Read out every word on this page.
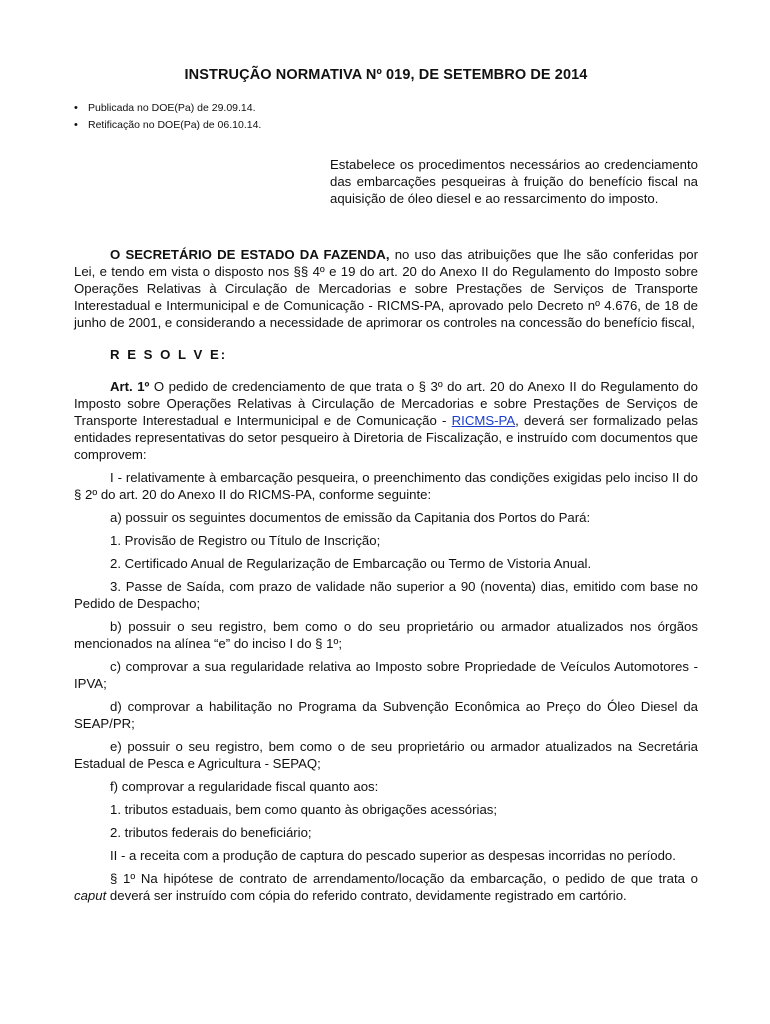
INSTRUÇÃO NORMATIVA Nº 019, DE SETEMBRO DE 2014
• Publicada no DOE(Pa) de 29.09.14.
• Retificação no DOE(Pa) de 06.10.14.
Estabelece os procedimentos necessários ao credenciamento das embarcações pesqueiras à fruição do benefício fiscal na aquisição de óleo diesel e ao ressarcimento do imposto.

O SECRETÁRIO DE ESTADO DA FAZENDA, no uso das atribuições que lhe são conferidas por Lei, e tendo em vista o disposto nos §§ 4º e 19 do art. 20 do Anexo II do Regulamento do Imposto sobre Operações Relativas à Circulação de Mercadorias e sobre Prestações de Serviços de Transporte Interestadual e Intermunicipal e de Comunicação - RICMS-PA, aprovado pelo Decreto nº 4.676, de 18 de junho de 2001, e considerando a necessidade de aprimorar os controles na concessão do benefício fiscal,

R E S O L V E:

Art. 1º O pedido de credenciamento de que trata o § 3º do art. 20 do Anexo II do Regulamento do Imposto sobre Operações Relativas à Circulação de Mercadorias e sobre Prestações de Serviços de Transporte Interestadual e Intermunicipal e de Comunicação - RICMS-PA, deverá ser formalizado pelas entidades representativas do setor pesqueiro à Diretoria de Fiscalização, e instruído com documentos que comprovem:

I - relativamente à embarcação pesqueira, o preenchimento das condições exigidas pelo inciso II do § 2º do art. 20 do Anexo II do RICMS-PA, conforme seguinte:

a) possuir os seguintes documentos de emissão da Capitania dos Portos do Pará:

1. Provisão de Registro ou Título de Inscrição;

2. Certificado Anual de Regularização de Embarcação ou Termo de Vistoria Anual.

3. Passe de Saída, com prazo de validade não superior a 90 (noventa) dias, emitido com base no Pedido de Despacho;

b) possuir o seu registro, bem como o do seu proprietário ou armador atualizados nos órgãos mencionados na alínea “e” do inciso I do § 1º;

c) comprovar a sua regularidade relativa ao Imposto sobre Propriedade de Veículos Automotores - IPVA;

d) comprovar a habilitação no Programa da Subvenção Econômica ao Preço do Óleo Diesel da SEAP/PR;

e) possuir o seu registro, bem como o de seu proprietário ou armador atualizados na Secretária Estadual de Pesca e Agricultura - SEPAQ;

f) comprovar a regularidade fiscal quanto aos:

1. tributos estaduais, bem como quanto às obrigações acessórias;

2. tributos federais do beneficiário;

II - a receita com a produção de captura do pescado superior as despesas incorridas no período.

§ 1º Na hipótese de contrato de arrendamento/locação da embarcação, o pedido de que trata o caput deverá ser instruído com cópia do referido contrato, devidamente registrado em cartório.
